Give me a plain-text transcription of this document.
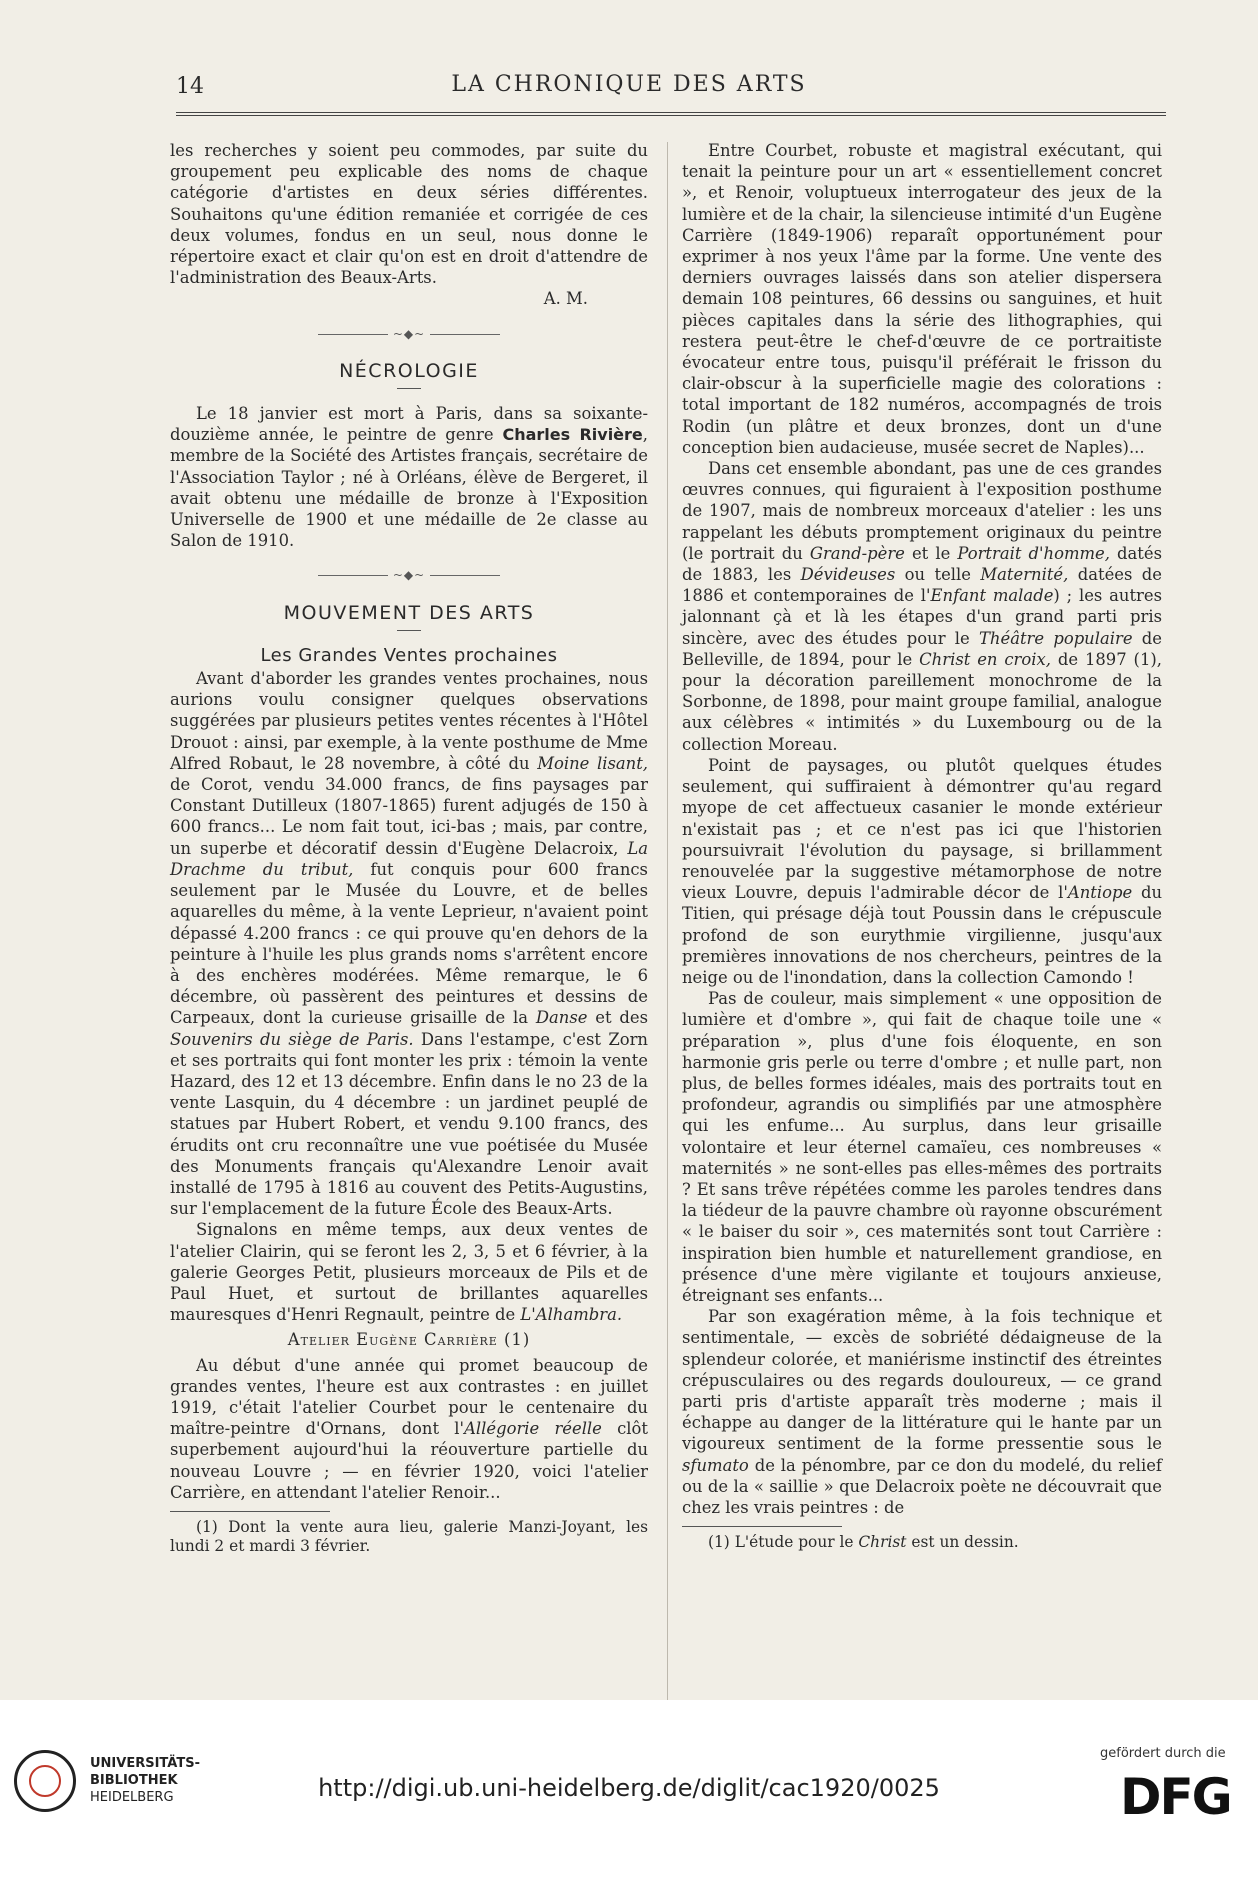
14	LA CHRONIQUE DES ARTS

les recherches y soient peu commodes, par suite du groupement peu explicable des noms de chaque catégorie d'artistes en deux séries différentes. Souhaitons qu'une édition remaniée et corrigée de ces deux volumes, fondus en un seul, nous donne le répertoire exact et clair qu'on est en droit d'attendre de l'administration des Beaux-Arts.

A. M.

~◆~
NÉCROLOGIE

Le 18 janvier est mort à Paris, dans sa soixante-douzième année, le peintre de genre Charles Rivière, membre de la Société des Artistes français, secrétaire de l'Association Taylor ; né à Orléans, élève de Bergeret, il avait obtenu une médaille de bronze à l'Exposition Universelle de 1900 et une médaille de 2e classe au Salon de 1910.

~◆~
MOUVEMENT DES ARTS
Les Grandes Ventes prochaines

Avant d'aborder les grandes ventes prochaines, nous aurions voulu consigner quelques observations suggérées par plusieurs petites ventes récentes à l'Hôtel Drouot : ainsi, par exemple, à la vente posthume de Mme Alfred Robaut, le 28 novembre, à côté du Moine lisant, de Corot, vendu 34.000 francs, de fins paysages par Constant Dutilleux (1807-1865) furent adjugés de 150 à 600 francs... Le nom fait tout, ici-bas ; mais, par contre, un superbe et décoratif dessin d'Eugène Delacroix, La Drachme du tribut, fut conquis pour 600 francs seulement par le Musée du Louvre, et de belles aquarelles du même, à la vente Leprieur, n'avaient point dépassé 4.200 francs : ce qui prouve qu'en dehors de la peinture à l'huile les plus grands noms s'arrêtent encore à des enchères modérées. Même remarque, le 6 décembre, où passèrent des peintures et dessins de Carpeaux, dont la curieuse grisaille de la Danse et des Souvenirs du siège de Paris. Dans l'estampe, c'est Zorn et ses portraits qui font monter les prix : témoin la vente Hazard, des 12 et 13 décembre. Enfin dans le no 23 de la vente Lasquin, du 4 décembre : un jardinet peuplé de statues par Hubert Robert, et vendu 9.100 francs, des érudits ont cru reconnaître une vue poétisée du Musée des Monuments français qu'Alexandre Lenoir avait installé de 1795 à 1816 au couvent des Petits-Augustins, sur l'emplacement de la future École des Beaux-Arts.

Signalons en même temps, aux deux ventes de l'atelier Clairin, qui se feront les 2, 3, 5 et 6 février, à la galerie Georges Petit, plusieurs morceaux de Pils et de Paul Huet, et surtout de brillantes aquarelles mauresques d'Henri Regnault, peintre de L'Alhambra.

Atelier Eugène Carrière (1)

Au début d'une année qui promet beaucoup de grandes ventes, l'heure est aux contrastes : en juillet 1919, c'était l'atelier Courbet pour le centenaire du maître-peintre d'Ornans, dont l'Allégorie réelle clôt superbement aujourd'hui la réouverture partielle du nouveau Louvre ; — en février 1920, voici l'atelier Carrière, en attendant l'atelier Renoir...

(1) Dont la vente aura lieu, galerie Manzi-Joyant, les lundi 2 et mardi 3 février.

Entre Courbet, robuste et magistral exécutant, qui tenait la peinture pour un art « essentiellement concret », et Renoir, voluptueux interrogateur des jeux de la lumière et de la chair, la silencieuse intimité d'un Eugène Carrière (1849-1906) reparaît opportunément pour exprimer à nos yeux l'âme par la forme. Une vente des derniers ouvrages laissés dans son atelier dispersera demain 108 peintures, 66 dessins ou sanguines, et huit pièces capitales dans la série des lithographies, qui restera peut-être le chef-d'œuvre de ce portraitiste évocateur entre tous, puisqu'il préférait le frisson du clair-obscur à la superficielle magie des colorations : total important de 182 numéros, accompagnés de trois Rodin (un plâtre et deux bronzes, dont un d'une conception bien audacieuse, musée secret de Naples)...

Dans cet ensemble abondant, pas une de ces grandes œuvres connues, qui figuraient à l'exposition posthume de 1907, mais de nombreux morceaux d'atelier : les uns rappelant les débuts promptement originaux du peintre (le portrait du Grand-père et le Portrait d'homme, datés de 1883, les Dévideuses ou telle Maternité, datées de 1886 et contemporaines de l'Enfant malade) ; les autres jalonnant çà et là les étapes d'un grand parti pris sincère, avec des études pour le Théâtre populaire de Belleville, de 1894, pour le Christ en croix, de 1897 (1), pour la décoration pareillement monochrome de la Sorbonne, de 1898, pour maint groupe familial, analogue aux célèbres « intimités » du Luxembourg ou de la collection Moreau.

Point de paysages, ou plutôt quelques études seulement, qui suffiraient à démontrer qu'au regard myope de cet affectueux casanier le monde extérieur n'existait pas ; et ce n'est pas ici que l'historien poursuivrait l'évolution du paysage, si brillamment renouvelée par la suggestive métamorphose de notre vieux Louvre, depuis l'admirable décor de l'Antiope du Titien, qui présage déjà tout Poussin dans le crépuscule profond de son eurythmie virgilienne, jusqu'aux premières innovations de nos chercheurs, peintres de la neige ou de l'inondation, dans la collection Camondo !

Pas de couleur, mais simplement « une opposition de lumière et d'ombre », qui fait de chaque toile une « préparation », plus d'une fois éloquente, en son harmonie gris perle ou terre d'ombre ; et nulle part, non plus, de belles formes idéales, mais des portraits tout en profondeur, agrandis ou simplifiés par une atmosphère qui les enfume... Au surplus, dans leur grisaille volontaire et leur éternel camaïeu, ces nombreuses « maternités » ne sont-elles pas elles-mêmes des portraits ? Et sans trêve répétées comme les paroles tendres dans la tiédeur de la pauvre chambre où rayonne obscurément « le baiser du soir », ces maternités sont tout Carrière : inspiration bien humble et naturellement grandiose, en présence d'une mère vigilante et toujours anxieuse, étreignant ses enfants...

Par son exagération même, à la fois technique et sentimentale, — excès de sobriété dédaigneuse de la splendeur colorée, et maniérisme instinctif des étreintes crépusculaires ou des regards douloureux, — ce grand parti pris d'artiste apparaît très moderne ; mais il échappe au danger de la littérature qui le hante par un vigoureux sentiment de la forme pressentie sous le sfumato de la pénombre, par ce don du modelé, du relief ou de la « saillie » que Delacroix poète ne découvrait que chez les vrais peintres : de

(1) L'étude pour le Christ est un dessin.

UNIVERSITÄTS-
BIBLIOTHEK
HEIDELBERG	http://digi.ub.uni-heidelberg.de/diglit/cac1920/0025
gefördert durch die
DFG
